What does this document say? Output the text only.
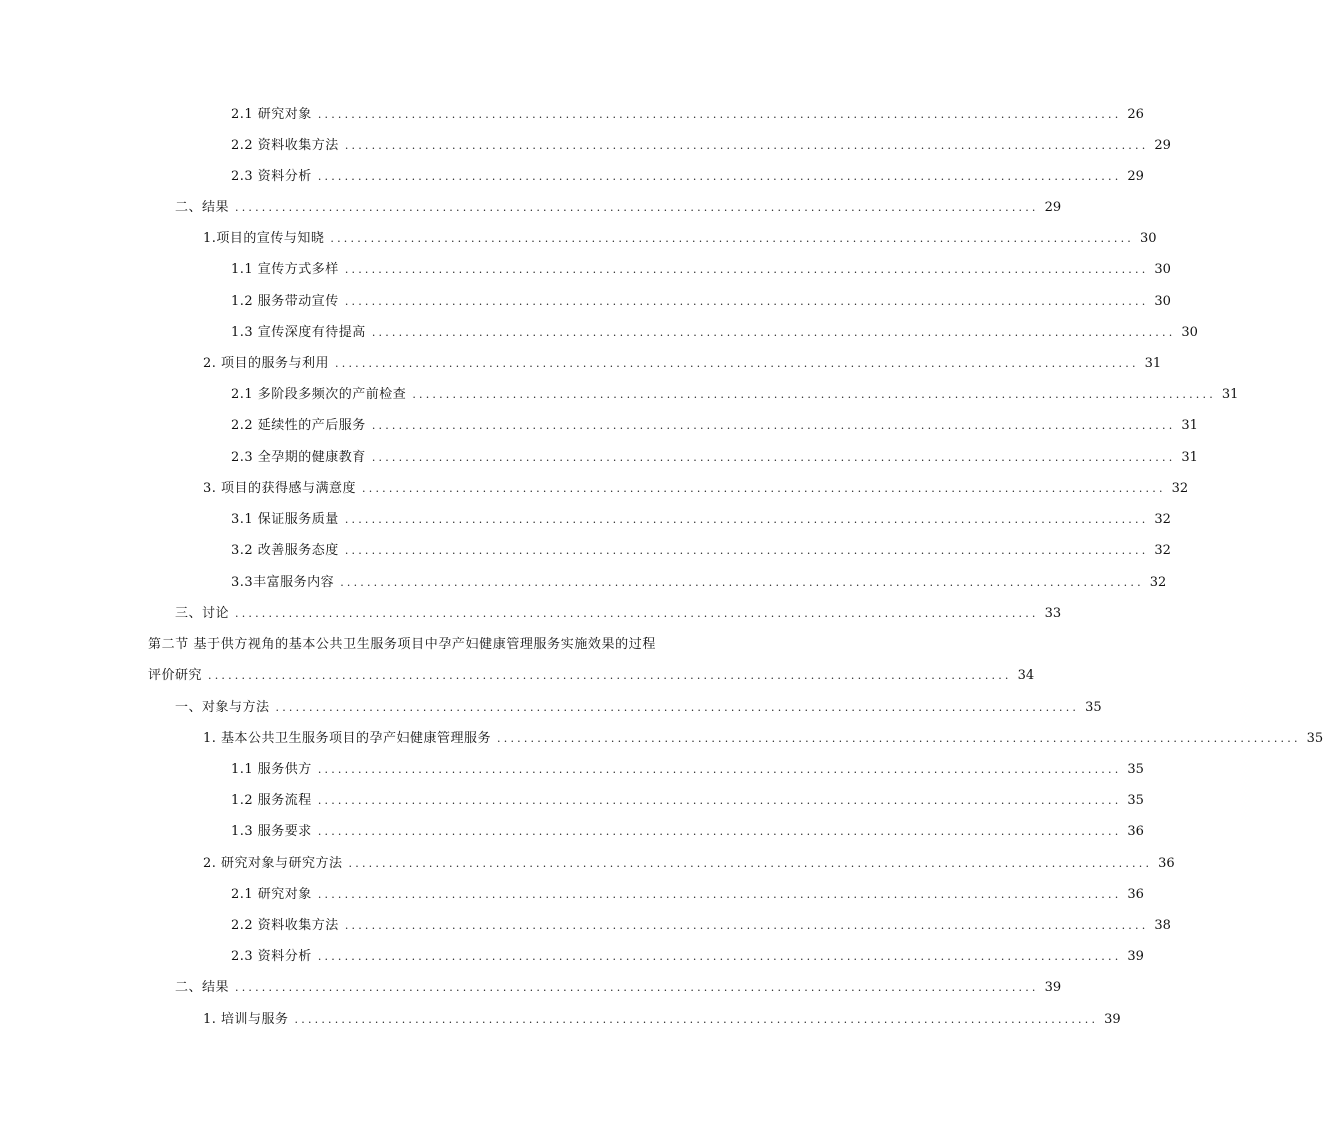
2.1 研究对象 ........................................................................................................................ 26
2.2 资料收集方法 ........................................................................................................................ 29
2.3 资料分析 ........................................................................................................................ 29
二、结果 ........................................................................................................................ 29
1.项目的宣传与知晓 ........................................................................................................................ 30
1.1 宣传方式多样 ........................................................................................................................ 30
1.2 服务带动宣传 ........................................................................................................................ 30
1.3 宣传深度有待提高 ........................................................................................................................ 30
2. 项目的服务与利用 ........................................................................................................................ 31
2.1 多阶段多频次的产前检查 ........................................................................................................................ 31
2.2 延续性的产后服务 ........................................................................................................................ 31
2.3 全孕期的健康教育 ........................................................................................................................ 31
3. 项目的获得感与满意度 ........................................................................................................................ 32
3.1 保证服务质量 ........................................................................................................................ 32
3.2 改善服务态度 ........................................................................................................................ 32
3.3丰富服务内容 ........................................................................................................................ 32
三、讨论 ........................................................................................................................ 33
第二节 基于供方视角的基本公共卫生服务项目中孕产妇健康管理服务实施效果的过程
评价研究 ........................................................................................................................ 34
一、对象与方法 ........................................................................................................................ 35
1. 基本公共卫生服务项目的孕产妇健康管理服务 ........................................................................................................................ 35
1.1 服务供方 ........................................................................................................................ 35
1.2 服务流程 ........................................................................................................................ 35
1.3 服务要求 ........................................................................................................................ 36
2. 研究对象与研究方法 ........................................................................................................................ 36
2.1 研究对象 ........................................................................................................................ 36
2.2 资料收集方法 ........................................................................................................................ 38
2.3 资料分析 ........................................................................................................................ 39
二、结果 ........................................................................................................................ 39
1. 培训与服务 ........................................................................................................................ 39
